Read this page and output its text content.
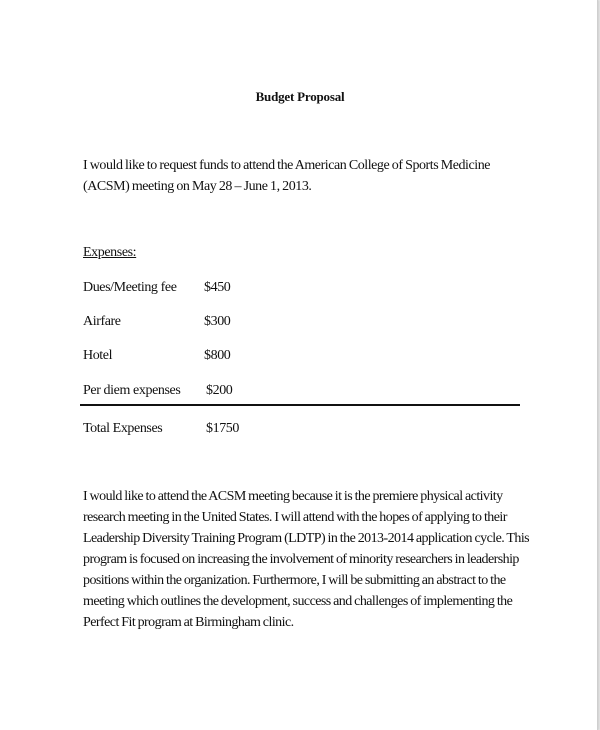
Budget Proposal
I would like to request funds to attend the American College of Sports Medicine (ACSM) meeting on May 28 – June 1, 2013.
Expenses:
Dues/Meeting fee $450
Airfare	$300
Hotel	$800
Per diem expenses $200
Total Expenses	$1750
I would like to attend the ACSM meeting because it is the premiere physical activity research meeting in the United States. I will attend with the hopes of applying to their Leadership Diversity Training Program (LDTP) in the 2013-2014 application cycle. This program is focused on increasing the involvement of minority researchers in leadership positions within the organization. Furthermore, I will be submitting an abstract to the meeting which outlines the development, success and challenges of implementing the Perfect Fit program at Birmingham clinic.
